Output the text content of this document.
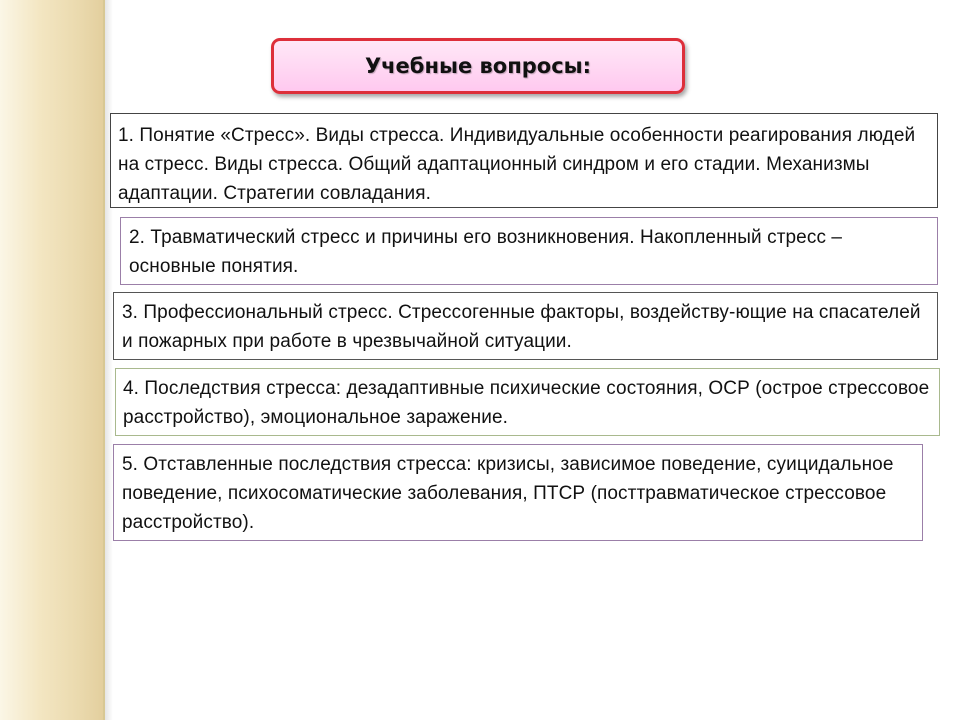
Учебные вопросы:
1. Понятие «Стресс». Виды стресса. Индивидуальные особенности реагирования людей на стресс. Виды стресса. Общий адаптационный синдром и его стадии. Механизмы адаптации. Стратегии совладания.
2. Травматический стресс и причины его возникновения. Накопленный стресс – основные понятия.
3. Профессиональный стресс. Стрессогенные факторы, воздейству-ющие на спасателей и пожарных при работе в чрезвычайной ситуации.
4. Последствия стресса: дезадаптивные психические состояния, ОСР (острое стрессовое расстройство), эмоциональное заражение.
5. Отставленные последствия стресса: кризисы, зависимое поведение, суицидальное поведение, психосоматические заболевания, ПТСР (посттравматическое стрессовое расстройство).
